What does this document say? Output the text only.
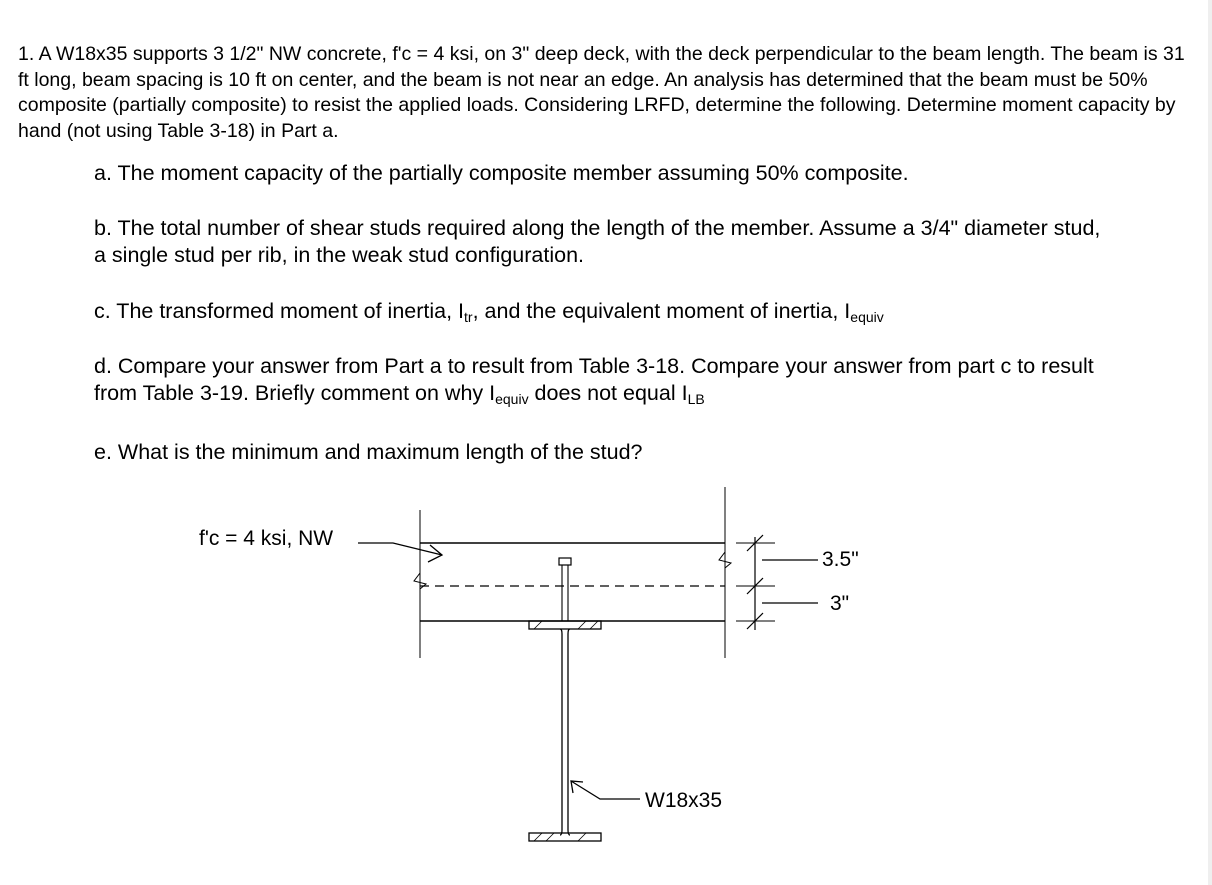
1. A W18x35 supports 3 1/2" NW concrete, f'c = 4 ksi, on 3" deep deck, with the deck perpendicular to the beam length. The beam is 31 ft long, beam spacing is 10 ft on center, and the beam is not near an edge. An analysis has determined that the beam must be 50% composite (partially composite) to resist the applied loads. Considering LRFD, determine the following. Determine moment capacity by hand (not using Table 3-18) in Part a.
a. The moment capacity of the partially composite member assuming 50% composite.
b. The total number of shear studs required along the length of the member. Assume a 3/4" diameter stud, a single stud per rib, in the weak stud configuration.
c. The transformed moment of inertia, $I_{tr}$, and the equivalent moment of inertia, $I_{equiv}$
d. Compare your answer from Part a to result from Table 3-18. Compare your answer from part c to result from Table 3-19. Briefly comment on why $I_{equiv}$ does not equal $I_{LB}$
e. What is the minimum and maximum length of the stud?
f'c = 4 ksi, NW
3.5"
3"
W18x35
